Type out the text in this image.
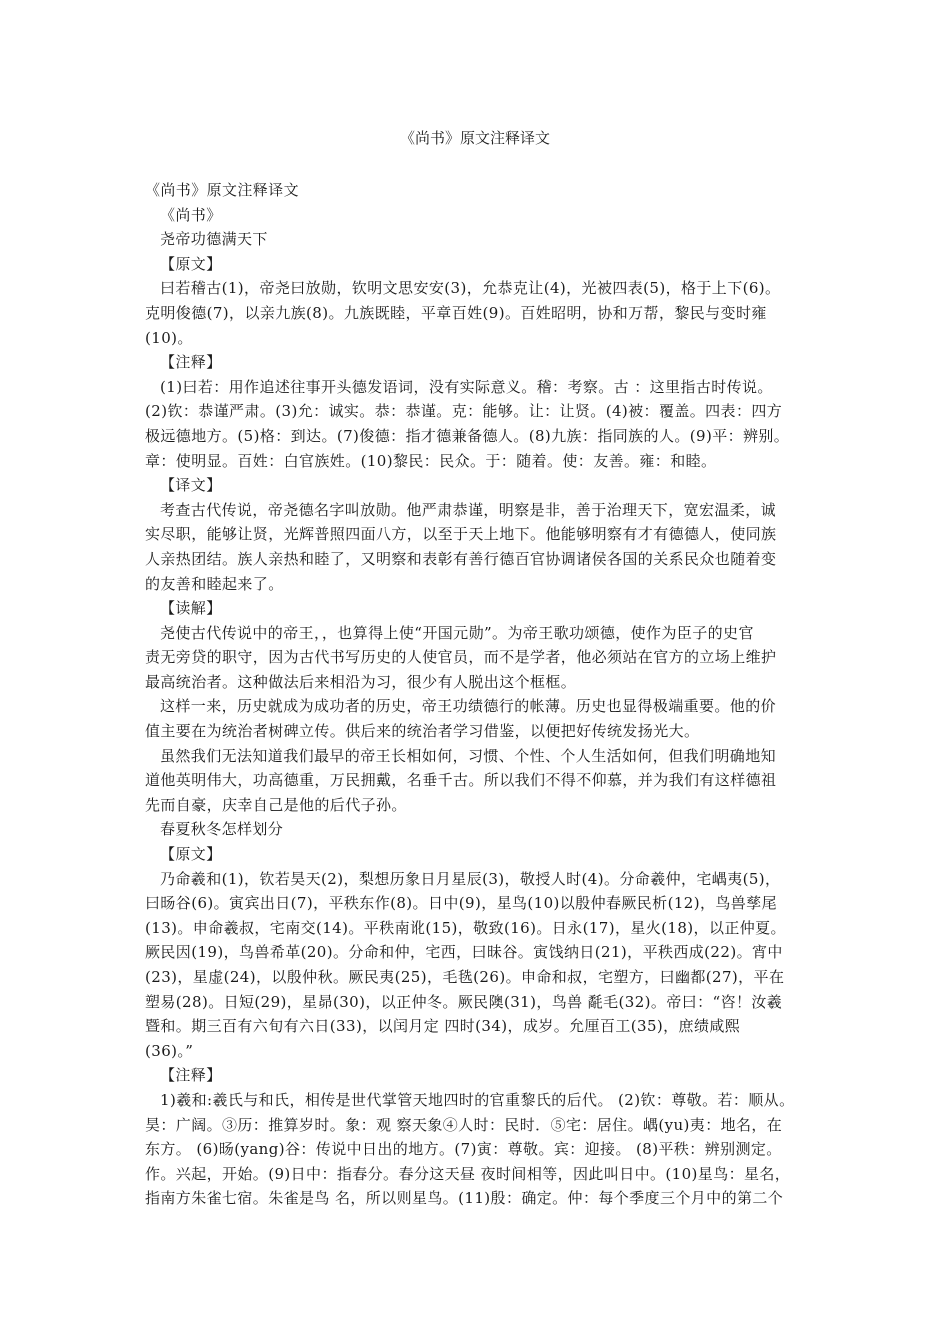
《尚书》原文注释译文
《尚书》原文注释译文
《尚书》
尧帝功德满天下
【原文】
曰若稽古(1)，帝尧曰放勋，钦明文思安安(3)，允恭克让(4)，光被四表(5)，格于上下(6)。
克明俊德(7)，以亲九族(8)。九族既睦，平章百姓(9)。百姓昭明，协和万帮，黎民与变时雍
(10)。
【注释】
(1)曰若：用作追述往事开头德发语词，没有实际意义。稽：考察。古 ：这里指古时传说。
(2)钦：恭谨严肃。(3)允：诚实。恭：恭谨。克：能够。让：让贤。(4)被：覆盖。四表：四方
极远德地方。(5)格：到达。(7)俊德：指才德兼备德人。(8)九族：指同族的人。(9)平：辨别。
章：使明显。百姓：白官族姓。(10)黎民：民众。于：随着。使：友善。雍：和睦。
【译文】
考查古代传说，帝尧德名字叫放勋。他严肃恭谨，明察是非，善于治理天下，宽宏温柔，诚
实尽职，能够让贤，光辉普照四面八方，以至于天上地下。他能够明察有才有德德人，使同族
人亲热团结。族人亲热和睦了，又明察和表彰有善行德百官协调诸侯各国的关系民众也随着变
的友善和睦起来了。
【读解】
尧使古代传说中的帝王，，也算得上使“开国元勋”。为帝王歌功颂德，使作为臣子的史官
责无旁贷的职守，因为古代书写历史的人使官员，而不是学者，他必须站在官方的立场上维护
最高统治者。这种做法后来相沿为习，很少有人脱出这个框框。
这样一来，历史就成为成功者的历史，帝王功绩德行的帐薄。历史也显得极端重要。他的价
值主要在为统治者树碑立传。供后来的统治者学习借鉴，以便把好传统发扬光大。
虽然我们无法知道我们最早的帝王长相如何，习惯、个性、个人生活如何，但我们明确地知
道他英明伟大，功高德重，万民拥戴，名垂千古。所以我们不得不仰慕，并为我们有这样德祖
先而自豪，庆幸自己是他的后代子孙。
春夏秋冬怎样划分
【原文】
乃命羲和(1)，钦若昊天(2)，梨想历象日月星辰(3)，敬授人时(4)。分命羲仲，宅嵎夷(5)，
曰旸谷(6)。寅宾出日(7)，平秩东作(8)。日中(9)，星鸟(10)以殷仲春厥民析(12)，鸟兽孳尾
(13)。申命羲叔，宅南交(14)。平秩南讹(15)，敬致(16)。日永(17)，星火(18)，以正仲夏。
厥民因(19)，鸟兽希革(20)。分命和仲，宅西，曰昧谷。寅饯纳日(21)，平秩西成(22)。宵中
(23)，星虚(24)，以殷仲秋。厥民夷(25)，毛毨(26)。申命和叔，宅塑方，曰幽都(27)，平在
塑易(28)。日短(29)，星昴(30)，以正仲冬。厥民隩(31)，鸟兽 氄毛(32)。帝曰：“咨！汝羲
暨和。期三百有六旬有六日(33)，以闰月定 四时(34)，成岁。允厘百工(35)，庶绩咸熙
(36)。”
【注释】
1)羲和:羲氏与和氏，相传是世代掌管天地四时的官重黎氏的后代。 (2)钦：尊敬。若：顺从。
昊：广阔。③历：推算岁时。象：观 察天象④人时：民时．⑤宅：居住。嵎(yu)夷：地名，在
东方。 (6)旸(yang)谷：传说中日出的地方。(7)寅：尊敬。宾：迎接。 (8)平秩：辨别测定。
作。兴起，开始。(9)日中：指春分。春分这天昼 夜时间相等，因此叫日中。(10)星鸟：星名，
指南方朱雀七宿。朱雀是鸟 名，所以则星鸟。(11)殷：确定。仲：每个季度三个月中的第二个
